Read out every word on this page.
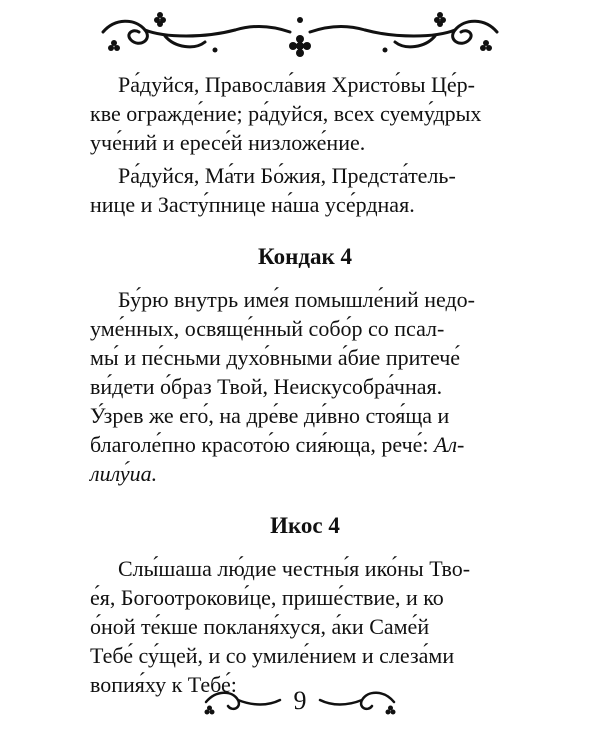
Ра́дуйся, Правосла́вия Христо́вы Це́р-
кве огражде́ние; ра́дуйся, всех суему́дрых
уче́ний и ересе́й низложе́ние.

Ра́дуйся, Ма́ти Бо́жия, Предста́тель-
нице и Засту́пнице на́ша усе́рдная.

Кондак 4

Бу́рю внутрь име́я помышле́ний недо-
уме́нных, освяще́нный собо́р со псал-
мы́ и пе́сньми духо́вными а́бие притече́
ви́дети о́браз Твой, Неискусобра́чная.
У́зрев же его́, на дре́ве ди́вно стоя́ща и
благоле́пно красото́ю сия́юща, рече́: Ал-
лилу́иа.

Икос 4

Слы́шаша лю́дие честны́я ико́ны Тво-
е́я, Богоотрокови́це, прише́ствие, и ко
о́ной те́кше покланя́хуся, а́ки Саме́й
Тебе́ су́щей, и со умиле́нием и слеза́ми
вопия́ху к Тебе́:

9
